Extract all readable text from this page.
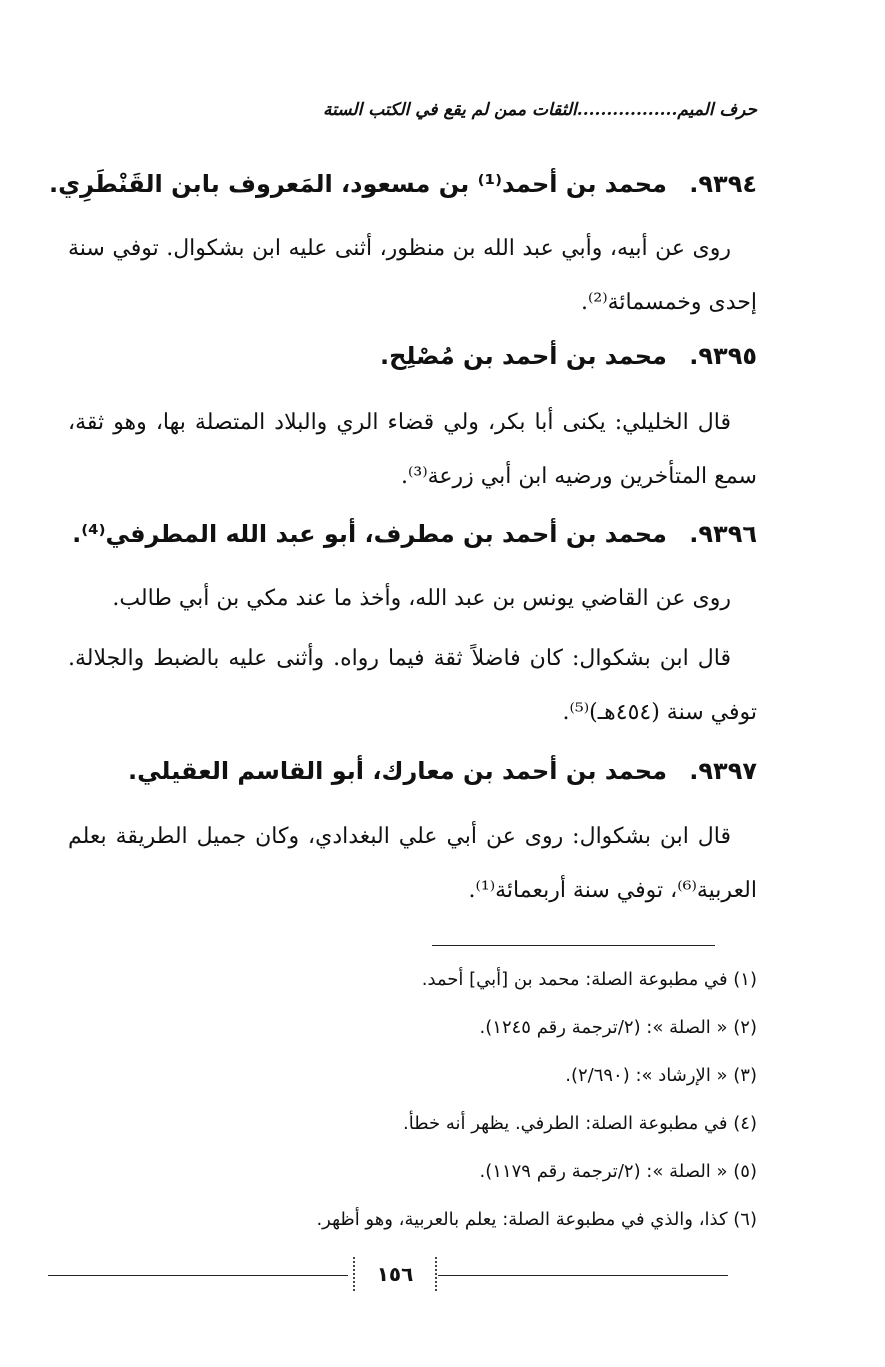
حرف الميم.................الثقات ممن لم يقع في الكتب الستة
٩٣٩٤. محمد بن أحمد⁽¹⁾ بن مسعود، المَعروف بابن القَنْطَرِي.
روى عن أبيه، وأبي عبد الله بن منظور، أثنى عليه ابن بشكوال. توفي سنة إحدى وخمسمائة⁽²⁾.
٩٣٩٥. محمد بن أحمد بن مُصْلِح.
قال الخليلي: يكنى أبا بكر، ولي قضاء الري والبلاد المتصلة بها، وهو ثقة، سمع المتأخرين ورضيه ابن أبي زرعة⁽³⁾.
٩٣٩٦. محمد بن أحمد بن مطرف، أبو عبد الله المطرفي⁽⁴⁾.
روى عن القاضي يونس بن عبد الله، وأخذ ما عند مكي بن أبي طالب.
قال ابن بشكوال: كان فاضلاً ثقة فيما رواه. وأثنى عليه بالضبط والجلالة. توفي سنة (٤٥٤هـ)⁽⁵⁾.
٩٣٩٧. محمد بن أحمد بن معارك، أبو القاسم العقيلي.
قال ابن بشكوال: روى عن أبي علي البغدادي، وكان جميل الطريقة بعلم العربية⁽⁶⁾، توفي سنة أربعمائة⁽¹⁾.
(١) في مطبوعة الصلة: محمد بن [أبي] أحمد.
(٢) « الصلة »: (٢/ترجمة رقم ١٢٤٥).
(٣) « الإرشاد »: (٢/٦٩٠).
(٤) في مطبوعة الصلة: الطرفي. يظهر أنه خطأ.
(٥) « الصلة »: (٢/ترجمة رقم ١١٧٩).
(٦) كذا، والذي في مطبوعة الصلة: يعلم بالعربية، وهو أظهر.
١٥٦
